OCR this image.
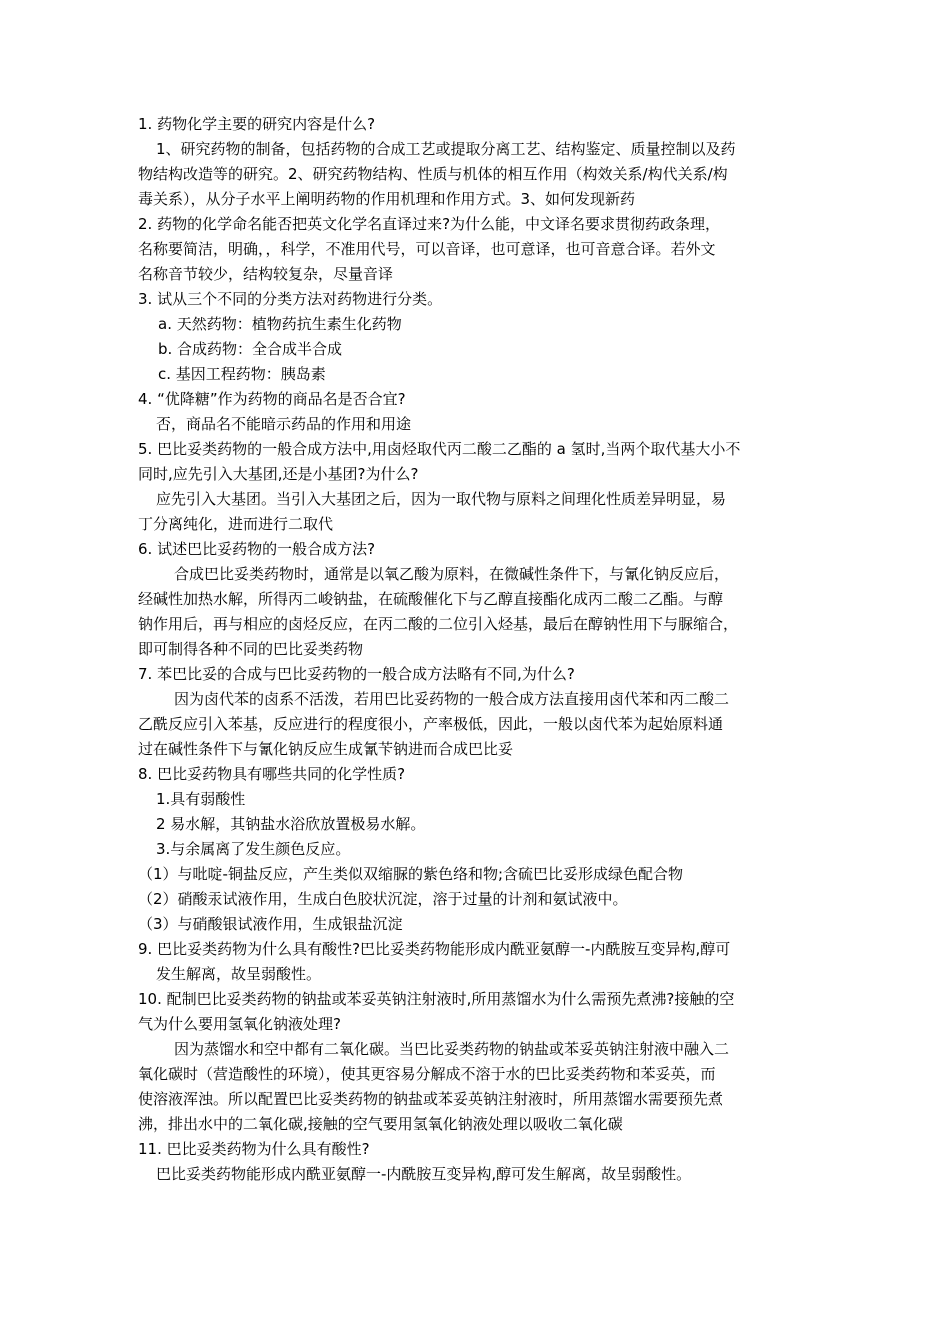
1. 药物化学主要的研究内容是什么?
1、研究药物的制备，包括药物的合成工艺或提取分离工艺、结构鉴定、质量控制以及药
物结构改造等的研究。2、研究药物结构、性质与机体的相互作用（构效关系/构代关系/构
毒关系），从分子水平上阐明药物的作用机理和作用方式。3、如何发现新药
2. 药物的化学命名能否把英文化学名直译过来?为什么能，中文译名要求贯彻药政条理，
名称要简洁，明确，，科学，不准用代号，可以音译，也可意译，也可音意合译。若外文
名称音节较少，结构较复杂，尽量音译
3. 试从三个不同的分类方法对药物进行分类。
a. 天然药物：植物药抗生素生化药物
b. 合成药物：全合成半合成
c. 基因工程药物：胰岛素
4. “优降糖”作为药物的商品名是否合宜?
否，商品名不能暗示药品的作用和用途
5. 巴比妥类药物的一般合成方法中,用卤烃取代丙二酸二乙酯的 a 氢时,当两个取代基大小不
同时,应先引入大基团,还是小基团?为什么?
应先引入大基团。当引入大基团之后，因为一取代物与原料之间理化性质差异明显，易
丁分离纯化，进而进行二取代
6. 试述巴比妥药物的一般合成方法?
合成巴比妥类药物时，通常是以氧乙酸为原料，在微碱性条件下，与氰化钠反应后，
经碱性加热水解，所得丙二峻钠盐，在硫酸催化下与乙醇直接酯化成丙二酸二乙酯。与醇
钠作用后，再与相应的卤烃反应，在丙二酸的二位引入烃基，最后在醇钠性用下与脲缩合，
即可制得各种不同的巴比妥类药物
7. 苯巴比妥的合成与巴比妥药物的一般合成方法略有不同,为什么?
因为卤代苯的卤系不活泼，若用巴比妥药物的一般合成方法直接用卤代苯和丙二酸二
乙酰反应引入苯基，反应进行的程度很小，产率极低，因此，一般以卤代苯为起始原料通
过在碱性条件下与氰化钠反应生成氰苄钠进而合成巴比妥
8. 巴比妥药物具有哪些共同的化学性质?
1.具有弱酸性
2 易水解，其钠盐水浴欣放置极易水解。
3.与余属离了发生颜色反应。
（1）与吡啶-铜盐反应，产生类似双缩脲的紫色络和物;含硫巴比妥形成绿色配合物
（2）硝酸汞试液作用，生成白色胶状沉淀，溶于过量的计剂和氨试液中。
（3）与硝酸银试液作用，生成银盐沉淀
9. 巴比妥类药物为什么具有酸性?巴比妥类药物能形成内酰亚氨醇一-内酰胺互变异构,醇可
发生解离，故呈弱酸性。
10. 配制巴比妥类药物的钠盐或苯妥英钠注射液时,所用蒸馏水为什么需预先煮沸?接触的空
气为什么要用氢氧化钠液处理?
因为蒸馏水和空中都有二氧化碳。当巴比妥类药物的钠盐或苯妥英钠注射液中融入二
氧化碳时（营造酸性的环境），使其更容易分解成不溶于水的巴比妥类药物和苯妥英，而
使溶液浑浊。所以配置巴比妥类药物的钠盐或苯妥英钠注射液时，所用蒸馏水需要预先煮
沸，排出水中的二氧化碳,接触的空气要用氢氧化钠液处理以吸收二氧化碳
11. 巴比妥类药物为什么具有酸性?
巴比妥类药物能形成内酰亚氨醇一-内酰胺互变异构,醇可发生解离，故呈弱酸性。
